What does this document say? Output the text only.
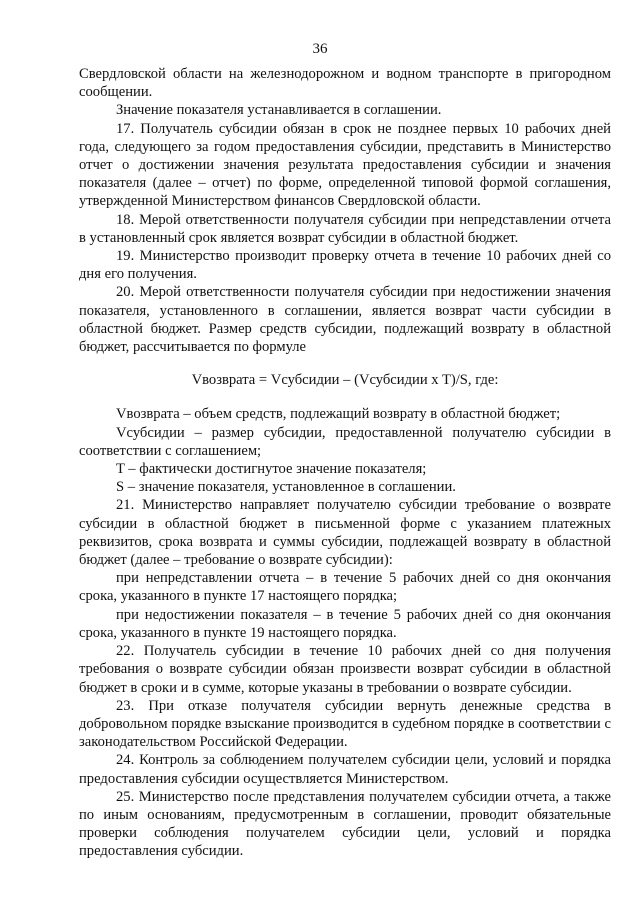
36

Свердловской области на железнодорожном и водном транспорте в пригородном сообщении.

Значение показателя устанавливается в соглашении.

17. Получатель субсидии обязан в срок не позднее первых 10 рабочих дней года, следующего за годом предоставления субсидии, представить в Министерство отчет о достижении значения результата предоставления субсидии и значения показателя (далее – отчет) по форме, определенной типовой формой соглашения, утвержденной Министерством финансов Свердловской области.

18. Мерой ответственности получателя субсидии при непредставлении отчета в установленный срок является возврат субсидии в областной бюджет.

19. Министерство производит проверку отчета в течение 10 рабочих дней со дня его получения.

20. Мерой ответственности получателя субсидии при недостижении значения показателя, установленного в соглашении, является возврат части субсидии в областной бюджет. Размер средств субсидии, подлежащий возврату в областной бюджет, рассчитывается по формуле

Vвозврата = Vсубсидии – (Vсубсидии x T)/S, где:

Vвозврата – объем средств, подлежащий возврату в областной бюджет;

Vсубсидии – размер субсидии, предоставленной получателю субсидии в соответствии с соглашением;

T – фактически достигнутое значение показателя;

S – значение показателя, установленное в соглашении.

21. Министерство направляет получателю субсидии требование о возврате субсидии в областной бюджет в письменной форме с указанием платежных реквизитов, срока возврата и суммы субсидии, подлежащей возврату в областной бюджет (далее – требование о возврате субсидии):

при непредставлении отчета – в течение 5 рабочих дней со дня окончания срока, указанного в пункте 17 настоящего порядка;

при недостижении показателя – в течение 5 рабочих дней со дня окончания срока, указанного в пункте 19 настоящего порядка.

22. Получатель субсидии в течение 10 рабочих дней со дня получения требования о возврате субсидии обязан произвести возврат субсидии в областной бюджет в сроки и в сумме, которые указаны в требовании о возврате субсидии.

23. При отказе получателя субсидии вернуть денежные средства в добровольном порядке взыскание производится в судебном порядке в соответствии с законодательством Российской Федерации.

24. Контроль за соблюдением получателем субсидии цели, условий и порядка предоставления субсидии осуществляется Министерством.

25. Министерство после представления получателем субсидии отчета, а также по иным основаниям, предусмотренным в соглашении, проводит обязательные проверки соблюдения получателем субсидии цели, условий и порядка предоставления субсидии.
